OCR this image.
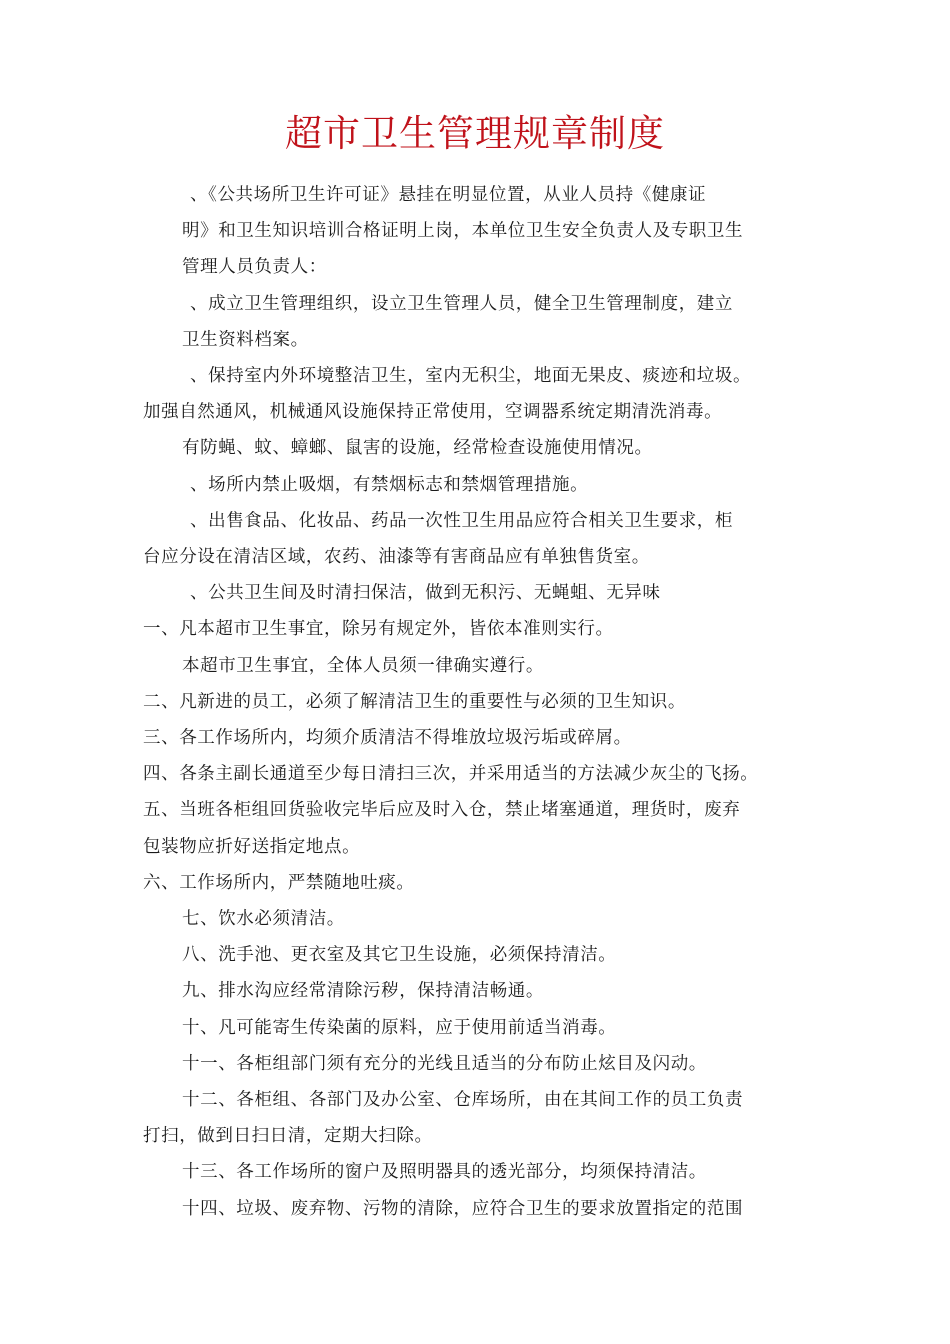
超市卫生管理规章制度
、《公共场所卫生许可证》悬挂在明显位置，从业人员持《健康证
明》和卫生知识培训合格证明上岗，本单位卫生安全负责人及专职卫生
管理人员负责人：
、成立卫生管理组织，设立卫生管理人员，健全卫生管理制度，建立
卫生资料档案。
、保持室内外环境整洁卫生，室内无积尘，地面无果皮、痰迹和垃圾。
加强自然通风，机械通风设施保持正常使用，空调器系统定期清洗消毒。
有防蝇、蚊、蟑螂、鼠害的设施，经常检查设施使用情况。
、场所内禁止吸烟，有禁烟标志和禁烟管理措施。
、出售食品、化妆品、药品一次性卫生用品应符合相关卫生要求，柜
台应分设在清洁区域，农药、油漆等有害商品应有单独售货室。
、公共卫生间及时清扫保洁，做到无积污、无蝇蛆、无异味
一、凡本超市卫生事宜，除另有规定外，皆依本准则实行。
本超市卫生事宜，全体人员须一律确实遵行。
二、凡新进的员工，必须了解清洁卫生的重要性与必须的卫生知识。
三、各工作场所内，均须介质清洁不得堆放垃圾污垢或碎屑。
四、各条主副长通道至少每日清扫三次，并采用适当的方法减少灰尘的飞扬。
五、当班各柜组回货验收完毕后应及时入仓，禁止堵塞通道，理货时，废弃
包装物应折好送指定地点。
六、工作场所内，严禁随地吐痰。
七、饮水必须清洁。
八、洗手池、更衣室及其它卫生设施，必须保持清洁。
九、排水沟应经常清除污秽，保持清洁畅通。
十、凡可能寄生传染菌的原料，应于使用前适当消毒。
十一、各柜组部门须有充分的光线且适当的分布防止炫目及闪动。
十二、各柜组、各部门及办公室、仓库场所，由在其间工作的员工负责
打扫，做到日扫日清，定期大扫除。
十三、各工作场所的窗户及照明器具的透光部分，均须保持清洁。
十四、垃圾、废弃物、污物的清除，应符合卫生的要求放置指定的范围
